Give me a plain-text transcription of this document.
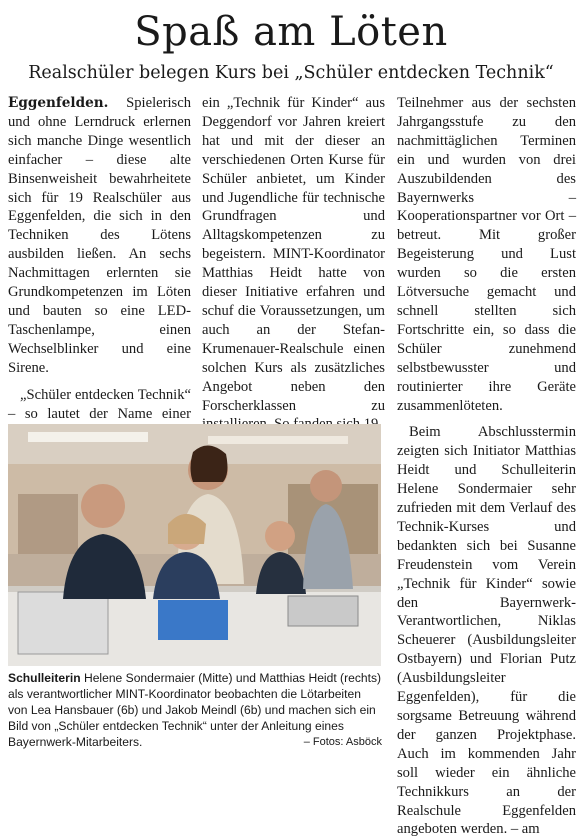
Spaß am Löten
Realschüler belegen Kurs bei „Schüler entdecken Technik“

Eggenfelden. Spielerisch und ohne Lerndruck erlernen sich manche Dinge wesentlich einfacher – diese alte Binsenweisheit bewahrheitete sich für 19 Realschüler aus Eggenfelden, die sich in den Techniken des Lötens ausbilden ließen. An sechs Nachmittagen erlernten sie Grundkompetenzen im Löten und bauten so eine LED-Taschenlampe, einen Wechselblinker und eine Sirene.

„Schüler entdecken Technik“ – so lautet der Name einer

ein „Technik für Kinder“ aus Deggendorf vor Jahren kreiert hat und mit der dieser an verschiedenen Orten Kurse für Schüler anbietet, um Kinder und Jugendliche für technische Grundfragen und Alltagskompetenzen zu begeistern. MINT-Koordinator Matthias Heidt hatte von dieser Initiative erfahren und schuf die Voraussetzungen, um auch an der Stefan-Krumenauer-Realschule einen solchen Kurs als zusätzliches Angebot neben den Forscherklassen zu

Teilnehmer aus der sechsten Jahrgangsstufe zu den nachmittäglichen Terminen ein und wurden von drei Auszubildenden des Bayernwerks – Kooperationspartner vor Ort – betreut. Mit großer Begeisterung und Lust wurden so die ersten Lötversuche gemacht und schnell stellten sich Fortschritte ein, so dass die Schüler zunehmend selbstbewusster und routinierter ihre Geräte zusammenlöteten.

Beim Abschlusstermin zeigten sich Initiator Matthias Heidt und Schulleiterin Helene Sondermaier sehr zufrieden mit dem Verlauf des Technik-Kurses und bedankten sich bei Susanne Freudenstein vom Verein „Technik für Kinder“ sowie den Bayernwerk-Verantwortlichen, Niklas Scheuerer (Ausbildungsleiter Ostbayern) und Florian Putz (Ausbildungsleiter Eggenfelden), für die sorgsame Betreuung während der ganzen Projektphase. Auch im kommenden Jahr soll wieder ein ähnliche Technikkurs an der Realschule Eggenfelden angeboten werden. – am

Schulleiterin Helene Sondermaier (Mitte) und Matthias Heidt (rechts) als verantwortlicher MINT-Koordinator beobachten die Lötarbeiten von Lea Hansbauer (6b) und Jakob Meindl (6b) und machen sich ein Bild von „Schüler entdecken Technik“ unter der Anleitung eines Bayernwerk-Mitarbeiters.	– Fotos: Asböck
